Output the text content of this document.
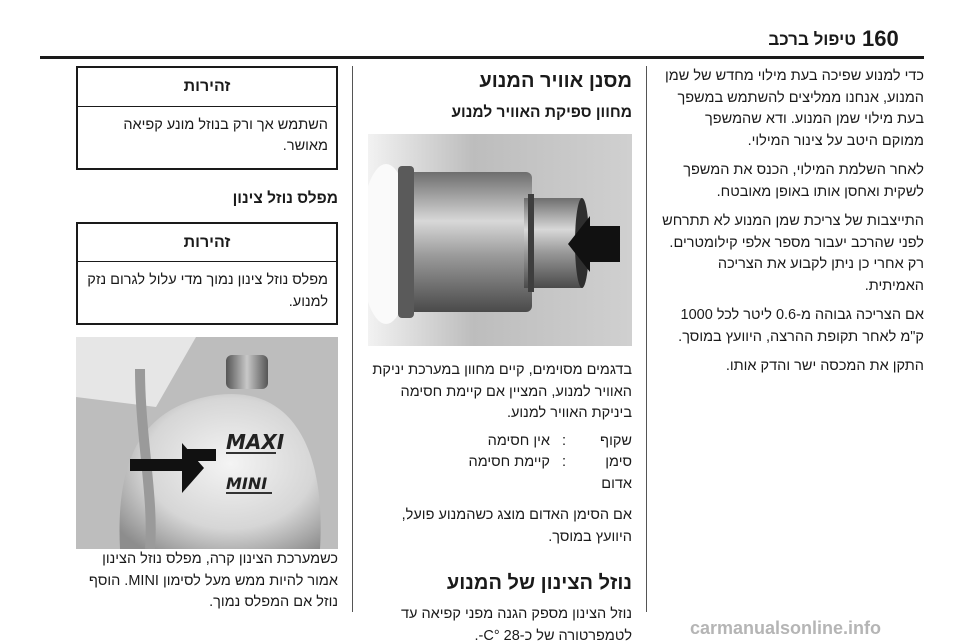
160
טיפול ברכב

כדי למנוע שפיכה בעת מילוי מחדש של שמן המנוע, אנחנו ממליצים להשתמש במשפך בעת מילוי שמן המנוע. ודא שהמשפך ממוקם היטב על צינור המילוי.

לאחר השלמת המילוי, הכנס את המשפך לשקית ואחסן אותו באופן מאובטח.

התייצבות של צריכת שמן המנוע לא תתרחש לפני שהרכב יעבור מספר אלפי קילומטרים. רק אחרי כן ניתן לקבוע את הצריכה האמיתית.

אם הצריכה גבוהה מ-0.6 ליטר לכל 1000 ק"מ לאחר תקופת ההרצה, היוועץ במוסך.

התקן את המכסה ישר והדק אותו.

מסנן אוויר המנוע
מחוון ספיקת האוויר למנוע

בדגמים מסוימים, קיים מחוון במערכת יניקת האוויר למנוע, המציין אם קיימת חסימה ביניקת האוויר למנוע.

שקוף
:
אין חסימה
סימן אדום
:
קיימת חסימה

אם הסימן האדום מוצג כשהמנוע פועל, היוועץ במוסך.

נוזל הצינון של המנוע

נוזל הצינון מספק הגנה מפני קפיאה עד לטמפרטורה של כ-C° 28-.

זהירות
השתמש אך ורק בנוזל מונע קפיאה מאושר.
מפלס נוזל צינון
זהירות
מפלס נוזל צינון נמוך מדי עלול לגרום נזק למנוע.
MAXI
MINI

כשמערכת הצינון קרה, מפלס נוזל הצינון אמור להיות ממש מעל לסימון MINI. הוסף נוזל אם המפלס נמוך.

carmanualsonline.info
